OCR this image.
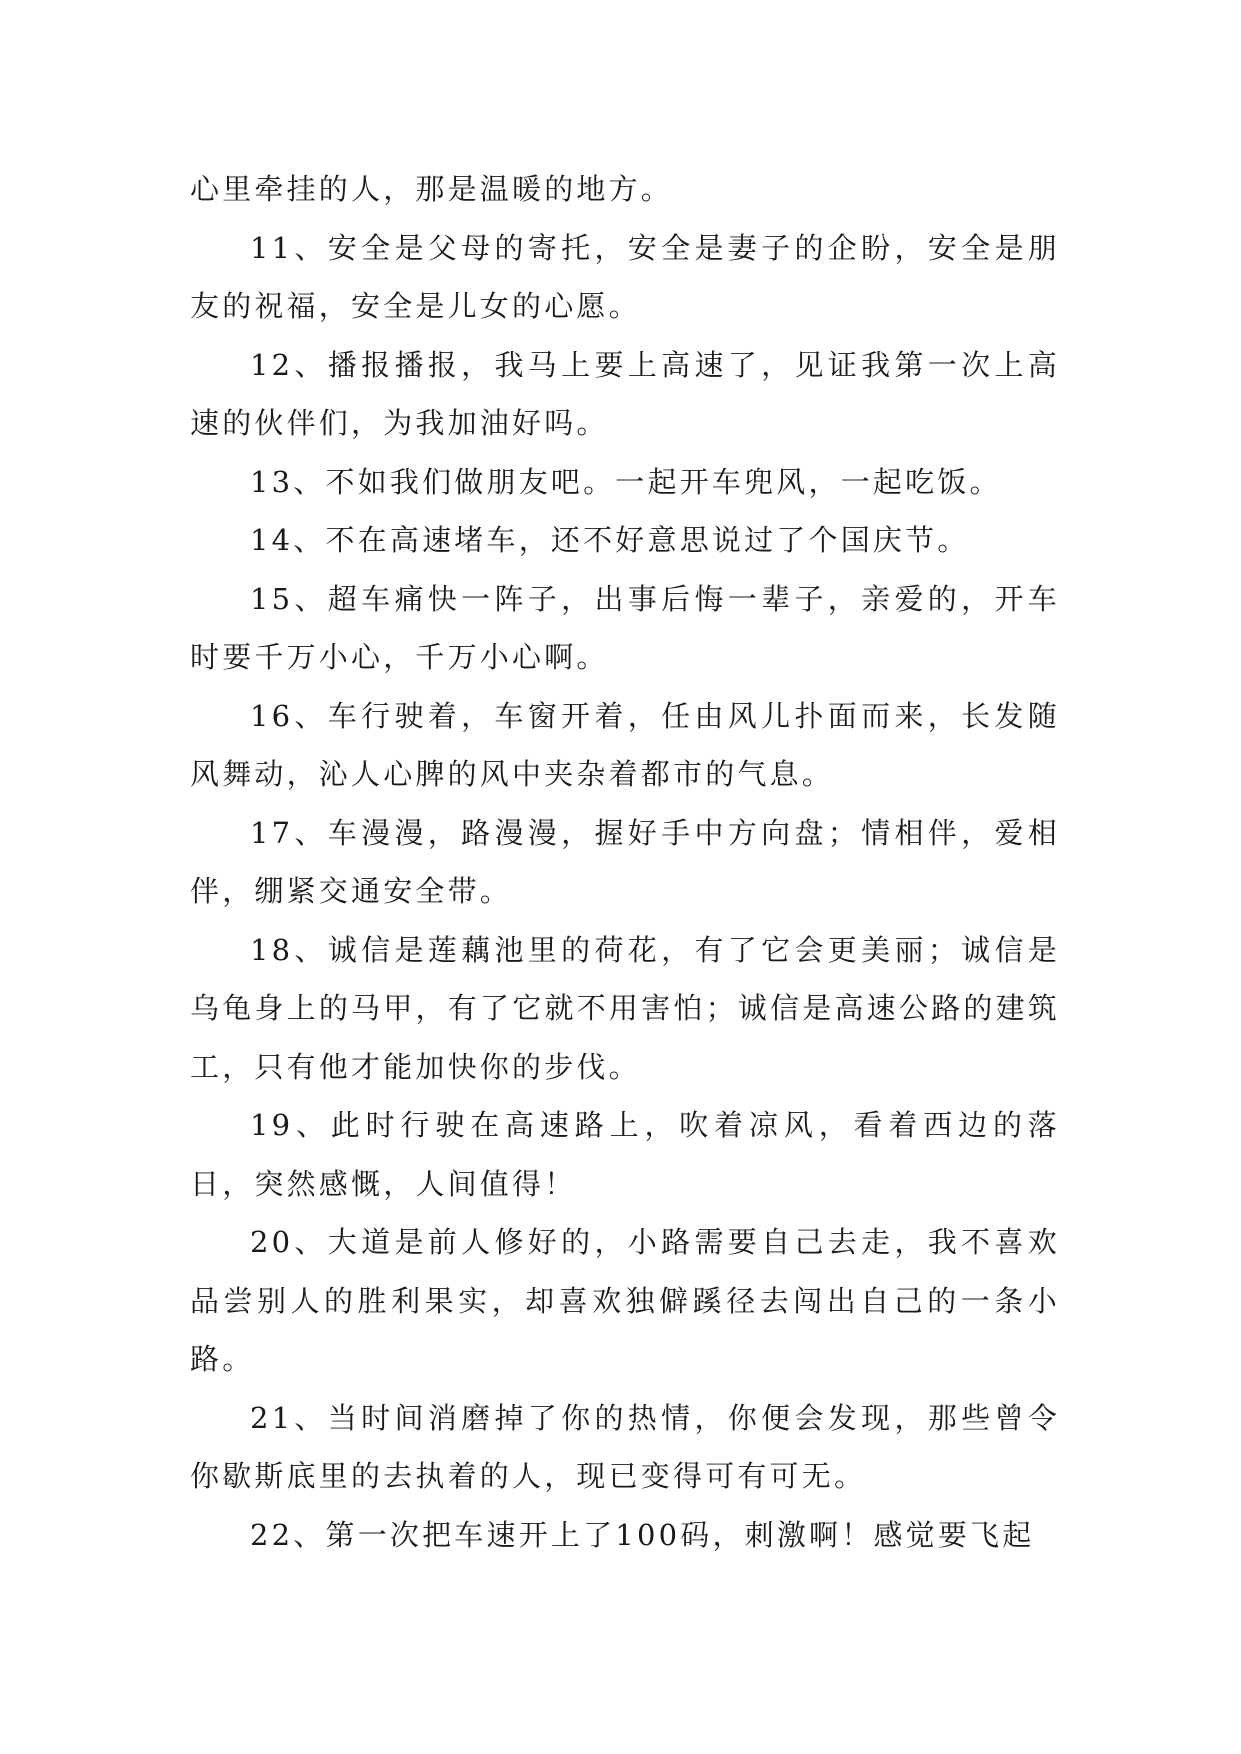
心里牵挂的人，那是温暖的地方。

11、安全是父母的寄托，安全是妻子的企盼，安全是朋友的祝福，安全是儿女的心愿。

12、播报播报，我马上要上高速了，见证我第一次上高速的伙伴们，为我加油好吗。

13、不如我们做朋友吧。一起开车兜风，一起吃饭。

14、不在高速堵车，还不好意思说过了个国庆节。

15、超车痛快一阵子，出事后悔一辈子，亲爱的，开车时要千万小心，千万小心啊。

16、车行驶着，车窗开着，任由风儿扑面而来，长发随风舞动，沁人心脾的风中夹杂着都市的气息。

17、车漫漫，路漫漫，握好手中方向盘；情相伴，爱相伴，绷紧交通安全带。

18、诚信是莲藕池里的荷花，有了它会更美丽；诚信是乌龟身上的马甲，有了它就不用害怕；诚信是高速公路的建筑工，只有他才能加快你的步伐。

19、此时行驶在高速路上，吹着凉风，看着西边的落日，突然感慨，人间值得！

20、大道是前人修好的，小路需要自己去走，我不喜欢品尝别人的胜利果实，却喜欢独僻蹊径去闯出自己的一条小路。

21、当时间消磨掉了你的热情，你便会发现，那些曾令你歇斯底里的去执着的人，现已变得可有可无。

22、第一次把车速开上了100码，刺激啊！感觉要飞起
